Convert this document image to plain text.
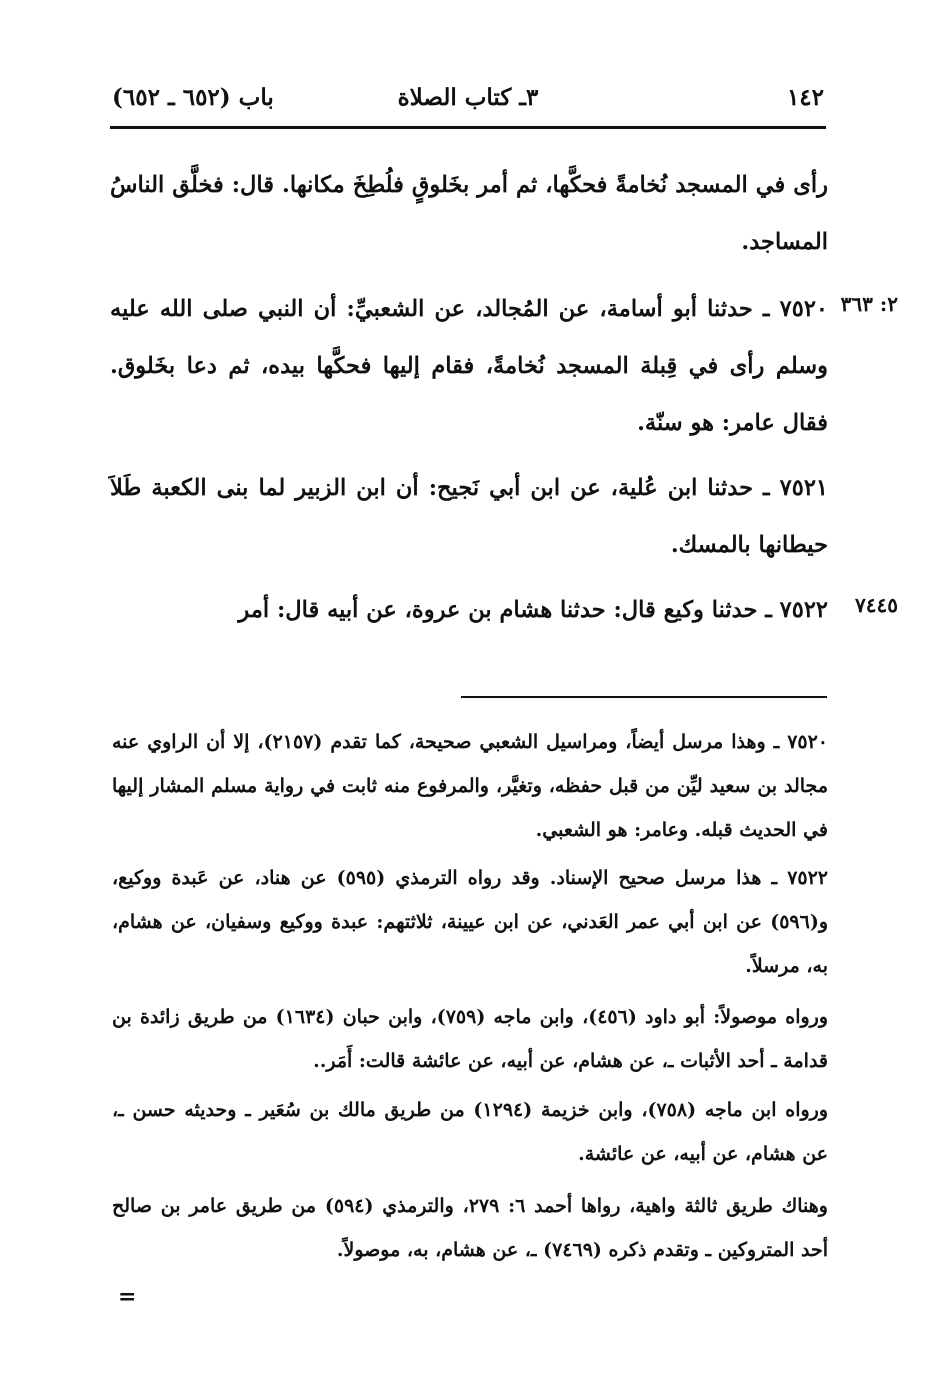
١٤٢
٣ـ كتاب الصلاة
باب (٦٥٢ ـ ٦٥٢)
رأى في المسجد نُخامةً فحكَّها، ثم أمر بخَلوقٍ فلُطِخَ مكانها. قال: فخلَّق الناسُ المساجد.
٢: ٣٦٣
٧٥٢٠ ـ حدثنا أبو أسامة، عن المُجالد، عن الشعبيِّ: أن النبي صلى الله عليه وسلم رأى في قِبلة المسجد نُخامةً، فقام إليها فحكَّها بيده، ثم دعا بخَلوق. فقال عامر: هو سنّة.
٧٥٢١ ـ حدثنا ابن عُلية، عن ابن أبي نَجيح: أن ابن الزبير لما بنى الكعبة طَلاَ حيطانها بالمسك.
٧٤٤٥
٧٥٢٢ ـ حدثنا وكيع قال: حدثنا هشام بن عروة، عن أبيه قال: أمر
٧٥٢٠ ـ وهذا مرسل أيضاً، ومراسيل الشعبي صحيحة، كما تقدم (٢١٥٧)، إلا أن الراوي عنه مجالد بن سعيد ليِّن من قبل حفظه، وتغيَّر، والمرفوع منه ثابت في رواية مسلم المشار إليها في الحديث قبله. وعامر: هو الشعبي.
٧٥٢٢ ـ هذا مرسل صحيح الإسناد. وقد رواه الترمذي (٥٩٥) عن هناد، عن عَبدة ووكيع، و(٥٩٦) عن ابن أبي عمر العَدني، عن ابن عيينة، ثلاثتهم: عبدة ووكيع وسفيان، عن هشام، به، مرسلاً.
ورواه موصولاً: أبو داود (٤٥٦)، وابن ماجه (٧٥٩)، وابن حبان (١٦٣٤) من طريق زائدة بن قدامة ـ أحد الأثبات ـ، عن هشام، عن أبيه، عن عائشة قالت: أَمَر..
ورواه ابن ماجه (٧٥٨)، وابن خزيمة (١٢٩٤) من طريق مالك بن سُعَير ـ وحديثه حسن ـ، عن هشام، عن أبيه، عن عائشة.
وهناك طريق ثالثة واهية، رواها أحمد ٦: ٢٧٩، والترمذي (٥٩٤) من طريق عامر بن صالح أحد المتروكين ـ وتقدم ذكره (٧٤٦٩) ـ، عن هشام، به، موصولاً.
=
